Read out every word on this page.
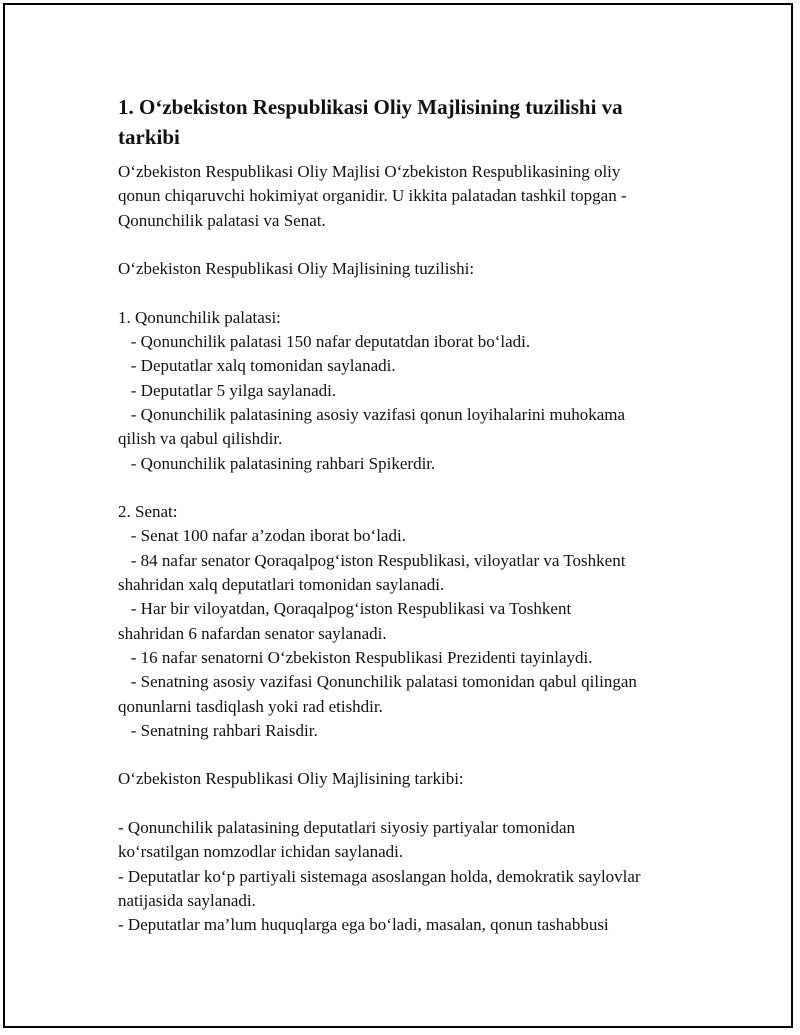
1. O‘zbekiston Respublikasi Oliy Majlisining tuzilishi va
tarkibi
O‘zbekiston Respublikasi Oliy Majlisi O‘zbekiston Respublikasining oliy
qonun chiqaruvchi hokimiyat organidir. U ikkita palatadan tashkil topgan -
Qonunchilik palatasi va Senat.
O‘zbekiston Respublikasi Oliy Majlisining tuzilishi:
1. Qonunchilik palatasi:
- Qonunchilik palatasi 150 nafar deputatdan iborat bo‘ladi.
- Deputatlar xalq tomonidan saylanadi.
- Deputatlar 5 yilga saylanadi.
- Qonunchilik palatasining asosiy vazifasi qonun loyihalarini muhokama
qilish va qabul qilishdir.
- Qonunchilik palatasining rahbari Spikerdir.
2. Senat:
- Senat 100 nafar a’zodan iborat bo‘ladi.
- 84 nafar senator Qoraqalpog‘iston Respublikasi, viloyatlar va Toshkent
shahridan xalq deputatlari tomonidan saylanadi.
- Har bir viloyatdan, Qoraqalpog‘iston Respublikasi va Toshkent
shahridan 6 nafardan senator saylanadi.
- 16 nafar senatorni O‘zbekiston Respublikasi Prezidenti tayinlaydi.
- Senatning asosiy vazifasi Qonunchilik palatasi tomonidan qabul qilingan
qonunlarni tasdiqlash yoki rad etishdir.
- Senatning rahbari Raisdir.
O‘zbekiston Respublikasi Oliy Majlisining tarkibi:
- Qonunchilik palatasining deputatlari siyosiy partiyalar tomonidan
ko‘rsatilgan nomzodlar ichidan saylanadi.
- Deputatlar ko‘p partiyali sistemaga asoslangan holda, demokratik saylovlar
natijasida saylanadi.
- Deputatlar ma’lum huquqlarga ega bo‘ladi, masalan, qonun tashabbusi
